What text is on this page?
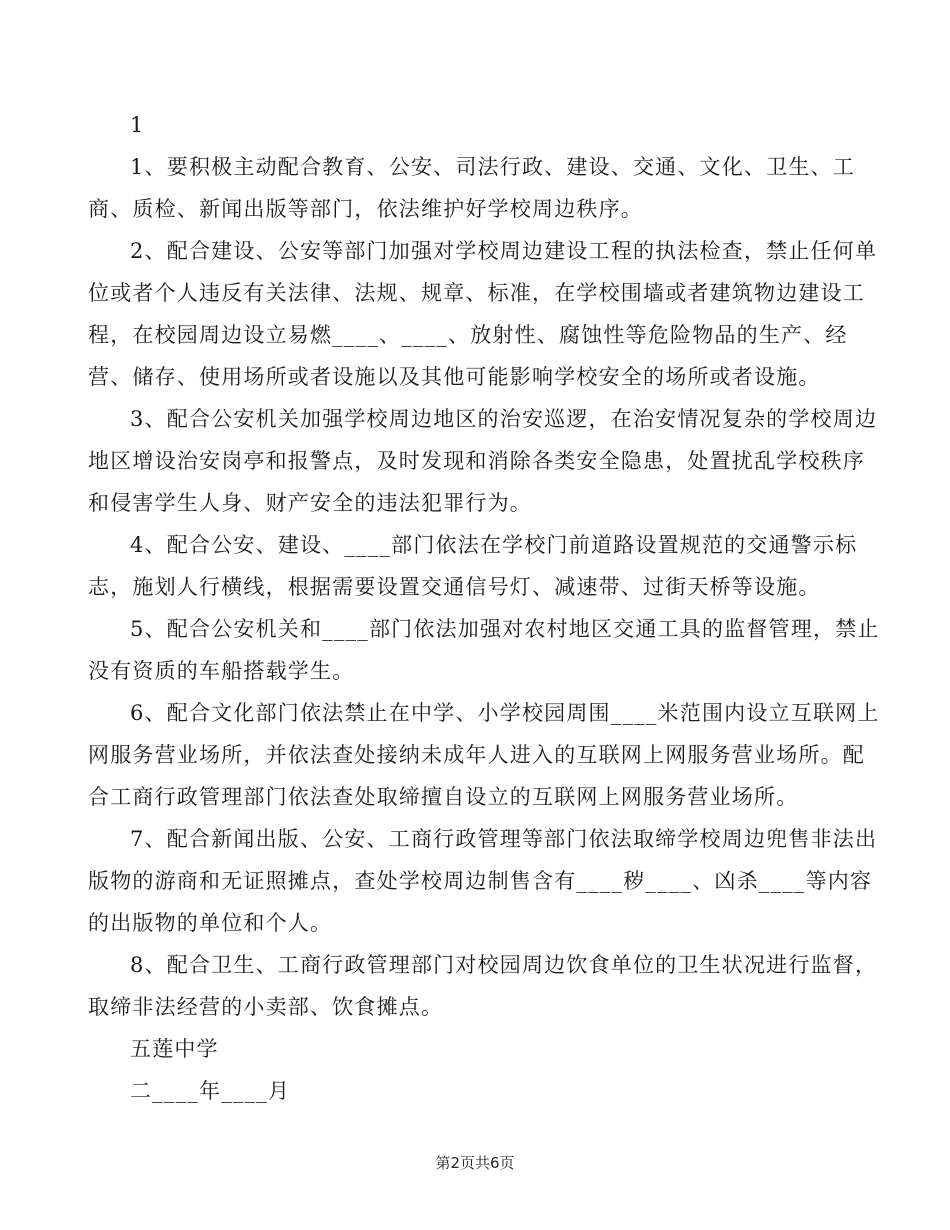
1
1、要积极主动配合教育、公安、司法行政、建设、交通、文化、卫生、工
商、质检、新闻出版等部门，依法维护好学校周边秩序。
2、配合建设、公安等部门加强对学校周边建设工程的执法检查，禁止任何单
位或者个人违反有关法律、法规、规章、标准，在学校围墙或者建筑物边建设工
程，在校园周边设立易燃____、____、放射性、腐蚀性等危险物品的生产、经
营、储存、使用场所或者设施以及其他可能影响学校安全的场所或者设施。
3、配合公安机关加强学校周边地区的治安巡逻，在治安情况复杂的学校周边
地区增设治安岗亭和报警点，及时发现和消除各类安全隐患，处置扰乱学校秩序
和侵害学生人身、财产安全的违法犯罪行为。
4、配合公安、建设、____部门依法在学校门前道路设置规范的交通警示标
志，施划人行横线，根据需要设置交通信号灯、减速带、过街天桥等设施。
5、配合公安机关和____部门依法加强对农村地区交通工具的监督管理，禁止
没有资质的车船搭载学生。
6、配合文化部门依法禁止在中学、小学校园周围____米范围内设立互联网上
网服务营业场所，并依法查处接纳未成年人进入的互联网上网服务营业场所。配
合工商行政管理部门依法查处取缔擅自设立的互联网上网服务营业场所。
7、配合新闻出版、公安、工商行政管理等部门依法取缔学校周边兜售非法出
版物的游商和无证照摊点，查处学校周边制售含有____秽____、凶杀____等内容
的出版物的单位和个人。
8、配合卫生、工商行政管理部门对校园周边饮食单位的卫生状况进行监督，
取缔非法经营的小卖部、饮食摊点。
五莲中学
二____年____月
第2页共6页
